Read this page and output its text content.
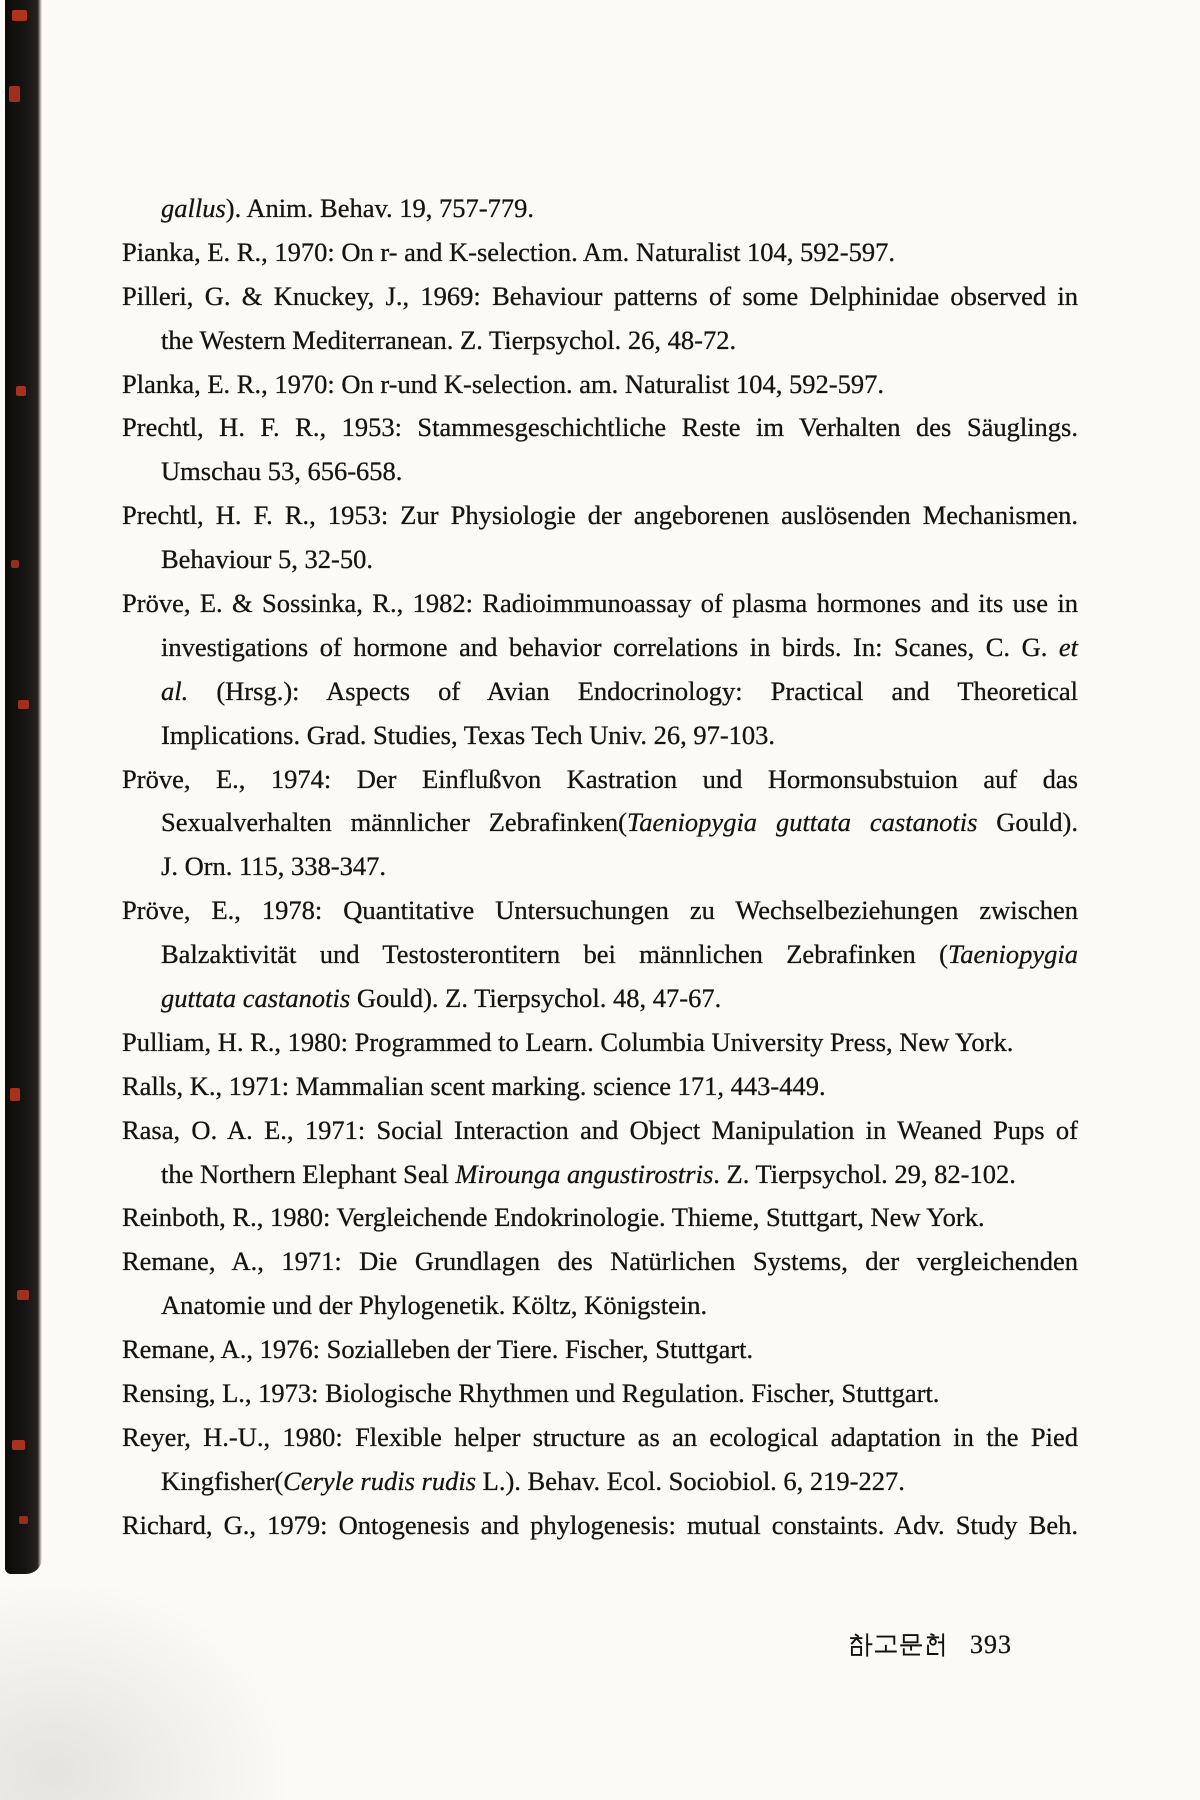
gallus). Anim. Behav. 19, 757-779.
Pianka, E. R., 1970: On r- and K-selection. Am. Naturalist 104, 592-597.
Pilleri, G. & Knuckey, J., 1969: Behaviour patterns of some Delphinidae observed in
the Western Mediterranean. Z. Tierpsychol. 26, 48-72.
Planka, E. R., 1970: On r-und K-selection. am. Naturalist 104, 592-597.
Prechtl, H. F. R., 1953: Stammesgeschichtliche Reste im Verhalten des Säuglings.
Umschau 53, 656-658.
Prechtl, H. F. R., 1953: Zur Physiologie der angeborenen auslösenden Mechanismen.
Behaviour 5, 32-50.
Pröve, E. & Sossinka, R., 1982: Radioimmunoassay of plasma hormones and its use in
investigations of hormone and behavior correlations in birds. In: Scanes, C. G. et
al. (Hrsg.): Aspects of Avian Endocrinology: Practical and Theoretical
Implications. Grad. Studies, Texas Tech Univ. 26, 97-103.
Pröve, E., 1974: Der Einflußvon Kastration und Hormonsubstuion auf das
Sexualverhalten männlicher Zebrafinken(Taeniopygia guttata castanotis Gould).
J. Orn. 115, 338-347.
Pröve, E., 1978: Quantitative Untersuchungen zu Wechselbeziehungen zwischen
Balzaktivität und Testosterontitern bei männlichen Zebrafinken (Taeniopygia
guttata castanotis Gould). Z. Tierpsychol. 48, 47-67.
Pulliam, H. R., 1980: Programmed to Learn. Columbia University Press, New York.
Ralls, K., 1971: Mammalian scent marking. science 171, 443-449.
Rasa, O. A. E., 1971: Social Interaction and Object Manipulation in Weaned Pups of
the Northern Elephant Seal Mirounga angustirostris. Z. Tierpsychol. 29, 82-102.
Reinboth, R., 1980: Vergleichende Endokrinologie. Thieme, Stuttgart, New York.
Remane, A., 1971: Die Grundlagen des Natürlichen Systems, der vergleichenden
Anatomie und der Phylogenetik. Költz, Königstein.
Remane, A., 1976: Sozialleben der Tiere. Fischer, Stuttgart.
Rensing, L., 1973: Biologische Rhythmen und Regulation. Fischer, Stuttgart.
Reyer, H.-U., 1980: Flexible helper structure as an ecological adaptation in the Pied
Kingfisher(Ceryle rudis rudis L.). Behav. Ecol. Sociobiol. 6, 219-227.
Richard, G., 1979: Ontogenesis and phylogenesis: mutual constaints. Adv. Study Beh.
393
